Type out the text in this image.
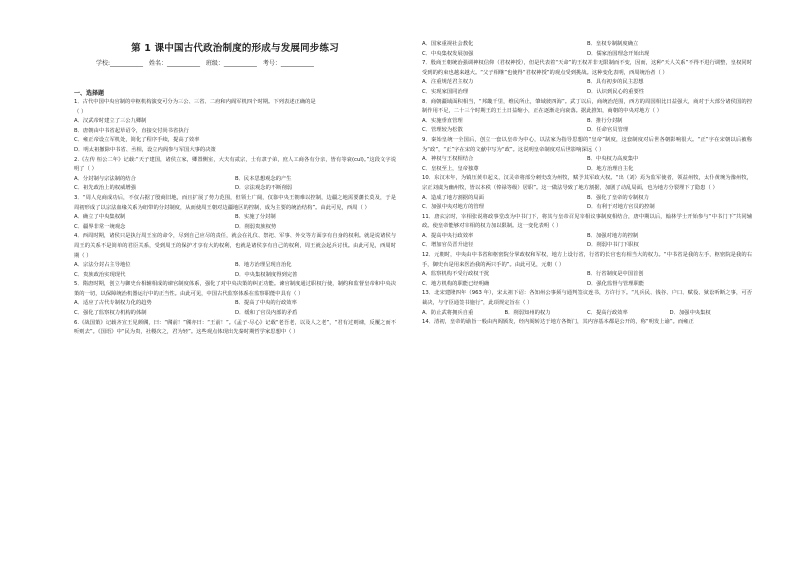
第 1 课中国古代政治制度的形成与发展同步练习
学校:___________ 姓名：___________ 班级：___________ 考号：___________
一、选择题

1．古代中国中央官制的中枢机构演变可分为三公、三省、二府和内阁军机四个时期。下列表述正确的是

（ ）
A．汉武帝时建立了三公九卿制
B．唐朝由中书省起草诏令，直接交付尚书省执行
C．雍正帝设立军机处，简化了程序手续，提高了效率
D．明太祖撤除中书省、丞相，设立内阁参与军国大事的决策

2.《左传 桓公二年》记载:“天子建国，诸侯立家，卿置侧室，大夫有贰宗，士有隶子弟，庶人工商各有分亲，皆有等衰(cuī)。”这段文字说明了（ ）

A．分封制与宗法制的结合	B．民本思想观念的产生
C．祖先政治上的权威增强	D．宗法观念的不断削弱

3．“周人克商成功后，不仅占据了殷商旧地，而且扩展了势力范围，但领土广阔，仅靠中央王朝难以控制，边疆之地需要藩长莫及，于是周初形成了以宗法血缘关系为纽带的分封制度，从而使周王朝对边疆地区的控制，成为主要的统治结构”。由此可见，西周（ ）

A．确立了中央集权制	B．实施了分封制
C．疆界非常一统观念	D．削弱贵族权势

4．西周时期，诸侯只是执行周王室的命令，尽到自己应尽的责任，就会在礼仪、祭祀、军事、外交等方面享有自身的权利。就是说诸侯与周王的关系不是简单的君臣关系，受到周王的保护才享有大的权利，也就是诸侯享有自己的权利，周王就会起兵讨伐。由此可见，西周时期（ ）

A．宗法分封占主导地位	B．地方治理呈现自治化
C．贵族政治实现现代	D．中央集权制度得到完善

5．隋唐时期，创立与御史台相辅相成的谏官制度体系，强化了对中央决策的纠正功能。谏官制度通过职权行使，制约和监督皇帝和中央决策的一切，以保障统治机器运行中的正当性。由此可见，中国古代监察体系在监察职能中具有（ ）

A．适应了古代专制权力化的趋势	B．提高了中央的行政效率
C．强化了监察权力机构的体制	D．缓和了官员内部的矛盾

6.《战国策》记载齐宣王见颜斶，曰：“斶前！”斶亦曰：“王前！”。《孟子·尽心》记载“老吾老，以及人之老”，“君有过则谏，反覆之而不听则去”。《国语》中“民为贵，社稷次之，君为轻”。这些观点体现出先秦时期哲学家思想中（ ）

A．国家重视社会教化	B．皇权专制制度确立
C．中央集权发展加强	D．儒家治国理念开始出现

7．殷商王朝统治强调神权信仰（君权神授），但是代表着“天命”的王权并非无限制而不变，因而，这种“天人关系”不得不进行调整，皇权同时受到的约束也越来越大。“父子相继”也使得“君权神授”的观点受到挑战。这种变化表明，西周统治者（ ）

A．注重规范君主权力	B．具有初步的民主思想
C．实现家国同治理	D．认识到民心的重要性

8．商朝疆域面积相当，“邦畿千里，维民所止，肇域彼四海”。武丁以后，商统治范围，西方的周国相比日益强大，商对于大部分诸侯国的控制作用不足，二十三个时期王的王土日益缩小，正在逐渐走向衰落。据此推知，商朝的中央对地方（ ）

A．实施垂直管理	B．推行分封制
C．管理较为松散	D．任命官员管理

9．秦始皇统一全国后，创立一套以皇帝为中心，以法家为指导思想的“皇帝”制度，这套制度对后世各朝影响很大。“正”字在宋朝以后被称为“政”，“正”字在宋的文献中写为“政”。这说明皇帝制度对后世影响深远（ ）

A．神权与王权相结合	B．中央权力高度集中
C．皇权至上，皇帝独尊	D．地方治理自主化

10．东汉末年，为镇压黄巾起义，汉灵帝将部分刺史改为州牧，赋予其军政大权。“出（刘）焉为监军使者，领益州牧，太仆黄琬为豫州牧，宗正刘虞为幽州牧，皆以本秩（俸禄等级）居职”。这一做法导致了地方割据，加剧了动乱局面，也为地方分裂埋下了隐患（ ）

A．造成了地方割据的局面	B．强化了皇帝的专制权力
C．加强中央对地方的管理	D．有利于对地方官员的控制

11．唐玄宗时，宰相张说将政事堂改为中书门下，将其与皇帝召见宰相议事制度相结合，唐中期以后，翰林学士开始参与“中书门下”共同辅政。使皇帝能够对宰相的权力加以限制。这一变化表明（ ）

A．提高中央行政效率	B．加强对地方的控制
C．增加官员晋升途径	D．削弱中书门下职权

12．元朝时，中央由中书省和枢密院分掌政权和军权，地方上设行省，行省的长官也有相当大的权力。“中书省是我的左手，枢密院是我的右手，御史台是用来医治我的两只手的”。由此可见，元朝（ ）

A．监察机构不受行政权干扰	B．行省制度是中国首创
C．地方机构的职能已经明确	D．强化监督与管理职能

13．北宋建隆四年（963 年），宋太祖下诏：各知州公事须与通判签议连书，方许行下。“凡兵民、钱谷、户口、赋役、狱讼听断之事，可否裁决，与守臣通签书施行”，此项规定旨在（ ）

A．防止武将拥兵自重	B．削弱知州的权力	C．提高行政效率	D．加强中央集权

14．清初，皇帝的谕旨一般由内阁颁发，经内阁转达于地方各衙门，其内容基本都是公开的，称“明发上谕”。而雍正
